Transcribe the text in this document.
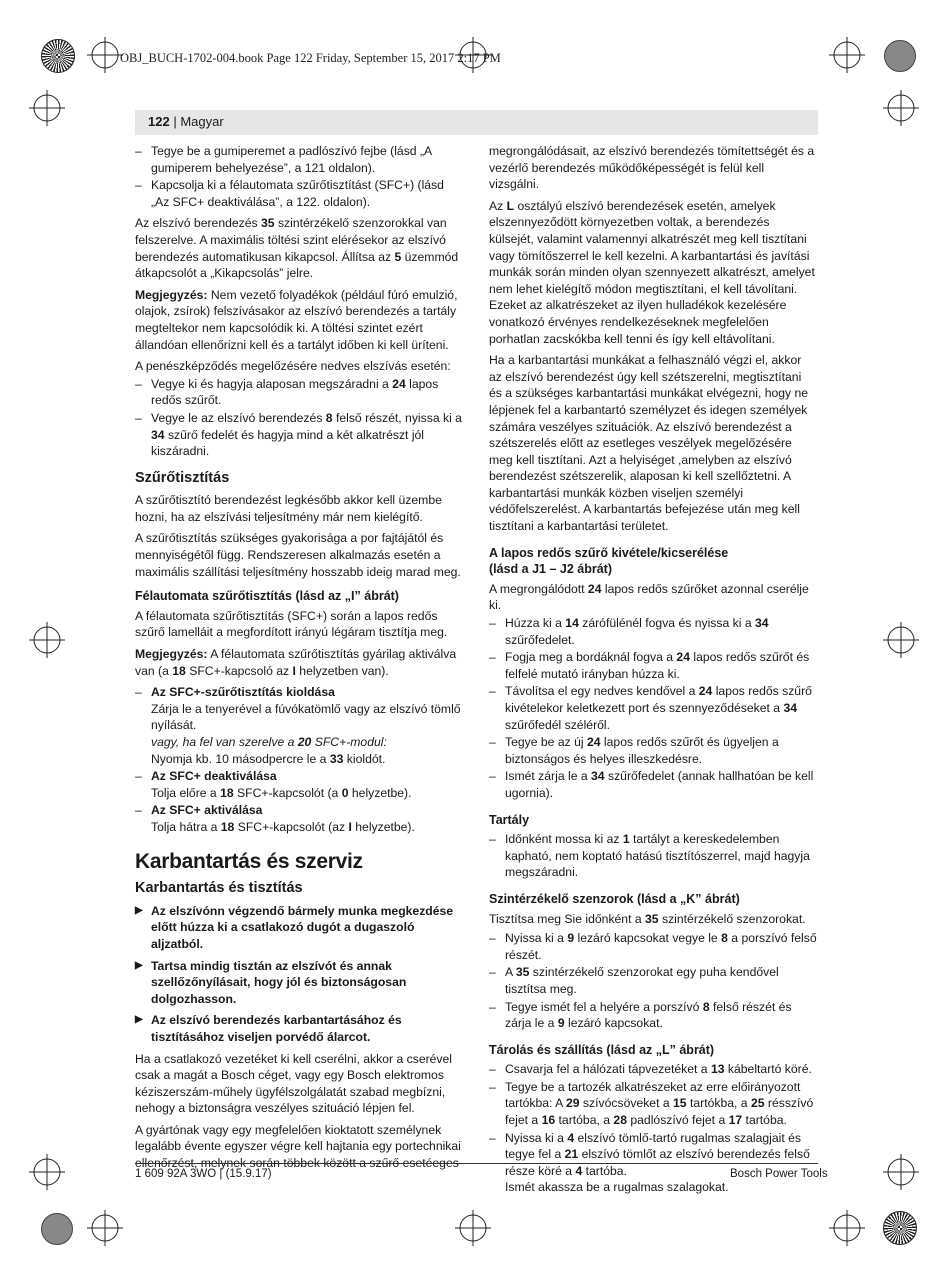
OBJ_BUCH-1702-004.book Page 122 Friday, September 15, 2017 2:17 PM
122 | Magyar
– Tegye be a gumiperemet a padlószívó fejbe (lásd „A gumiperem behelyezése”, a 121 oldalon).
– Kapcsolja ki a félautomata szűrőtisztítást (SFC+) (lásd „Az SFC+ deaktiválása”, a 122. oldalon).

Az elszívó berendezés 35 szintérzékelő szenzorokkal van felszerelve. A maximális töltési szint elérésekor az elszívó berendezés automatikusan kikapcsol. Állítsa az 5 üzemmód átkapcsolót a „Kikapcsolás” jelre.

Megjegyzés: Nem vezető folyadékok (például fúró emulzió, olajok, zsírok) felszívásakor az elszívó berendezés a tartály megteltekor nem kapcsolódik ki. A töltési szintet ezért állandóan ellenőrizni kell és a tartályt időben ki kell üríteni.

A penészképződés megelőzésére nedves elszívás esetén:

– Vegye ki és hagyja alaposan megszáradni a 24 lapos redős szűrőt.
– Vegye le az elszívó berendezés 8 felső részét, nyissa ki a 34 szűrő fedelét és hagyja mind a két alkatrészt jól kiszáradni.
Szűrőtisztítás

A szűrőtisztító berendezést legkésőbb akkor kell üzembe hozni, ha az elszívási teljesítmény már nem kielégítő.

A szűrőtisztítás szükséges gyakorisága a por fajtájától és mennyiségétől függ. Rendszeresen alkalmazás esetén a maximális szállítási teljesítmény hosszabb ideig marad meg.

Félautomata szűrőtisztítás (lásd az „I” ábrát)

A félautomata szűrőtisztítás (SFC+) során a lapos redős szűrő lamelláit a megfordított irányú légáram tisztítja meg.

Megjegyzés: A félautomata szűrőtisztítás gyárilag aktiválva van (a 18 SFC+-kapcsoló az I helyzetben van).

– Az SFC+-szűrőtisztítás kioldása
Zárja le a tenyerével a fúvókatömlő vagy az elszívó tömlő nyílását.
vagy, ha fel van szerelve a 20 SFC+-modul:
Nyomja kb. 10 másodpercre le a 33 kioldót.
– Az SFC+ deaktiválása
Tolja előre a 18 SFC+-kapcsolót (a 0 helyzetbe).
– Az SFC+ aktiválása
Tolja hátra a 18 SFC+-kapcsolót (az I helyzetbe).
Karbantartás és szerviz
Karbantartás és tisztítás
▶ Az elszívónn végzendő bármely munka megkezdése előtt húzza ki a csatlakozó dugót a dugaszoló aljzatból.
▶ Tartsa mindig tisztán az elszívót és annak szellőzőnyílásait, hogy jól és biztonságosan dolgozhasson.
▶ Az elszívó berendezés karbantartásához és tisztításához viseljen porvédő álarcot.

Ha a csatlakozó vezetéket ki kell cserélni, akkor a cserével csak a magát a Bosch céget, vagy egy Bosch elektromos kéziszerszám-műhely ügyfélszolgálatát szabad megbízni, nehogy a biztonságra veszélyes szituáció lépjen fel.

A gyártónak vagy egy megfelelően kioktatott személynek legalább évente egyszer végre kell hajtania egy portechnikai ellenőrzést, melynek során többek között a szűrő esetéeges

megrongálódásait, az elszívó berendezés tömítettségét és a vezérlő berendezés működőképességét is felül kell vizsgálni.

Az L osztályú elszívó berendezések esetén, amelyek elszennyeződött környezetben voltak, a berendezés külsejét, valamint valamennyi alkatrészét meg kell tisztítani vagy tömítőszerrel le kell kezelni. A karbantartási és javítási munkák során minden olyan szennyezett alkatrészt, amelyet nem lehet kielégítő módon megtisztítani, el kell távolítani. Ezeket az alkatrészeket az ilyen hulladékok kezelésére vonatkozó érvényes rendelkezéseknek megfelelően porhatlan zacskókba kell tenni és így kell eltávolítani.

Ha a karbantartási munkákat a felhasználó végzi el, akkor az elszívó berendezést úgy kell szétszerelni, megtisztítani és a szükséges karbantartási munkákat elvégezni, hogy ne lépjenek fel a karbantartó személyzet és idegen személyek számára veszélyes szituációk. Az elszívó berendezést a szétszerelés előtt az esetleges veszélyek megelőzésére meg kell tisztítani. Azt a helyiséget ,amelyben az elszívó berendezést szétszerelik, alaposan ki kell szellőztetni. A karbantartási munkák közben viseljen személyi védőfelszerelést. A karbantartás befejezése után meg kell tisztítani a karbantartási területet.

A lapos redős szűrő kivétele/kicserélése
(lásd a J1 – J2 ábrát)

A megrongálódott 24 lapos redős szűrőket azonnal cserélje ki.

– Húzza ki a 14 zárófülénél fogva és nyissa ki a 34 szűrőfedelet.
– Fogja meg a bordáknál fogva a 24 lapos redős szűrőt és felfelé mutató irányban húzza ki.
– Távolítsa el egy nedves kendővel a 24 lapos redős szűrő kivételekor keletkezett port és szennyeződéseket a 34 szűrőfedél széléről.
– Tegye be az új 24 lapos redős szűrőt és ügyeljen a biztonságos és helyes illeszkedésre.
– Ismét zárja le a 34 szűrőfedelet (annak hallhatóan be kell ugornia).
Tartály
– Időnként mossa ki az 1 tartályt a kereskedelemben kapható, nem koptató hatású tisztítószerrel, majd hagyja megszáradni.
Szintérzékelő szenzorok (lásd a „K” ábrát)

Tisztítsa meg Sie időnként a 35 szintérzékelő szenzorokat.

– Nyissa ki a 9 lezáró kapcsokat vegye le 8 a porszívó felső részét.
– A 35 szintérzékelő szenzorokat egy puha kendővel tisztítsa meg.
– Tegye ismét fel a helyére a porszívó 8 felső részét és zárja le a 9 lezáró kapcsokat.
Tárolás és szállítás (lásd az „L” ábrát)
– Csavarja fel a hálózati tápvezetéket a 13 kábeltartó köré.
– Tegye be a tartozék alkatrészeket az erre előirányozott tartókba: A 29 szívócsöveket a 15 tartókba, a 25 résszívó fejet a 16 tartóba, a 28 padlószívó fejet a 17 tartóba.
– Nyissa ki a 4 elszívó tömlő-tartó rugalmas szalagjait és tegye fel a 21 elszívó tömlőt az elszívó berendezés felső része köré a 4 tartóba.
Ismét akassza be a rugalmas szalagokat.
1 609 92A 3WO | (15.9.17)	Bosch Power Tools
